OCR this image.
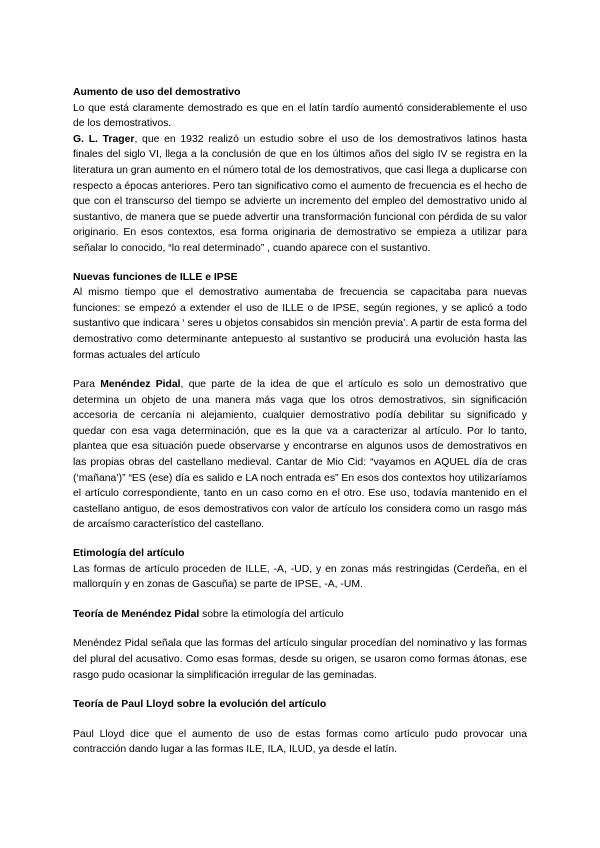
Aumento de uso del demostrativo

Lo que está claramente demostrado es que en el latín tardío aumentó considerablemente el uso de los demostrativos.

G. L. Trager, que en 1932 realizó un estudio sobre el uso de los demostrativos latinos hasta finales del siglo VI, llega a la conclusión de que en los últimos años del siglo IV se registra en la literatura un gran aumento en el número total de los demostrativos, que casi llega a duplicarse con respecto a épocas anteriores. Pero tan significativo como el aumento de frecuencia es el hecho de que con el transcurso del tiempo se advierte un incremento del empleo del demostrativo unido al sustantivo, de manera que se puede advertir una transformación funcional con pérdida de su valor originario. En esos contextos, esa forma originaria de demostrativo se empieza a utilizar para señalar lo conocido, “lo real determinado” , cuando aparece con el sustantivo.

Nuevas funciones de ILLE e IPSE

Al mismo tiempo que el demostrativo aumentaba de frecuencia se capacitaba para nuevas funciones: se empezó a extender el uso de ILLE o de IPSE, según regiones, y se aplicó a todo sustantivo que indicara ‘ seres u objetos consabidos sin mención previa’. A partir de esta forma del demostrativo como determinante antepuesto al sustantivo se producirá una evolución hasta las formas actuales del artículo

Para Menéndez Pidal, que parte de la idea de que el artículo es solo un demostrativo que determina un objeto de una manera más vaga que los otros demostrativos, sin significación accesoria de cercanía ni alejamiento, cualquier demostrativo podía debilitar su significado y quedar con esa vaga determinación, que es la que va a caracterizar al artículo. Por lo tanto, plantea que esa situación puede observarse y encontrarse en algunos usos de demostrativos en las propias obras del castellano medieval. Cantar de Mio Cid: “vayamos en AQUEL día de cras (‘mañana’)” “ES (ese) día es salido e LA noch entrada es” En esos dos contextos hoy utilizaríamos el artículo correspondiente, tanto en un caso como en el otro. Ese uso, todavía mantenido en el castellano antiguo, de esos demostrativos con valor de artículo los considera como un rasgo más de arcaísmo característico del castellano.

Etimología del artículo

Las formas de artículo proceden de ILLE, -A, -UD, y en zonas más restringidas (Cerdeña, en el mallorquín y en zonas de Gascuña) se parte de IPSE, -A, -UM.

Teoría de Menéndez Pidal sobre la etimología del artículo

Menéndez Pidal señala que las formas del artículo singular procedían del nominativo y las formas del plural del acusativo. Como esas formas, desde su origen, se usaron como formas átonas, ese rasgo pudo ocasionar la simplificación irregular de las geminadas.

Teoría de Paul Lloyd sobre la evolución del artículo

Paul Lloyd dice que el aumento de uso de estas formas como artículo pudo provocar una contracción dando lugar a las formas ILE, ILA, ILUD, ya desde el latín.
